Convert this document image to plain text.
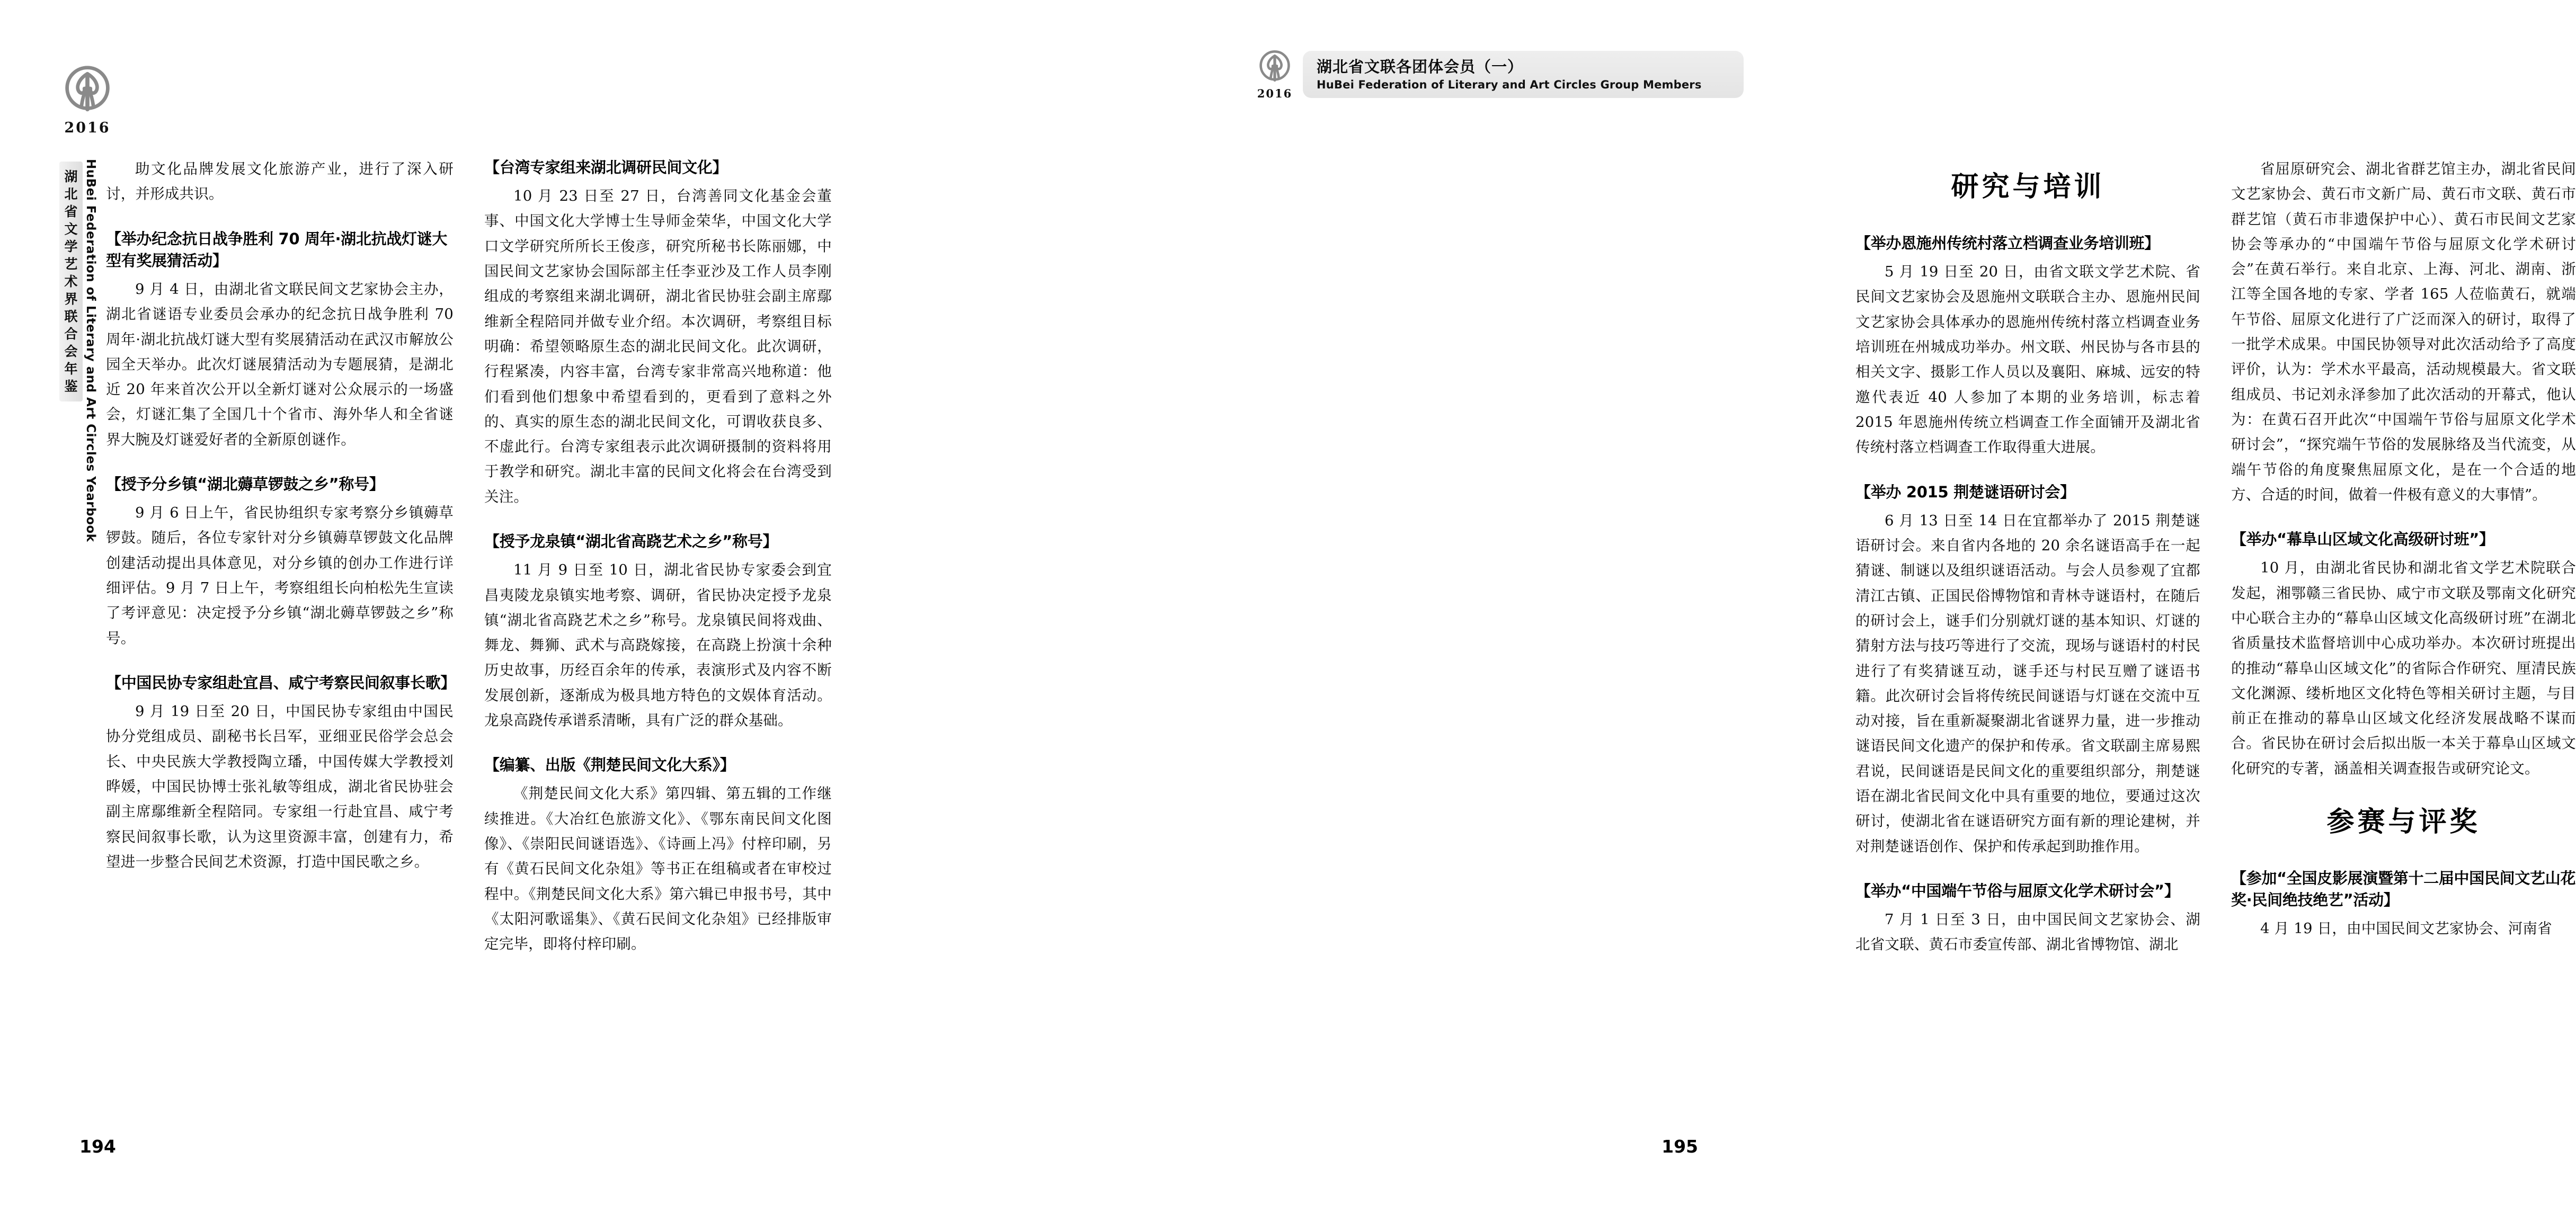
2016
湖
北
省
文
学
艺
术
界
联
合
会
年
鉴 HuBei Federation of Literary and Art Circles Yearbook	助文化品牌发展文化旅游产业，进行了深入研讨，并形成共识。
【举办纪念抗日战争胜利 70 周年·湖北抗战灯谜大型有奖展猜活动】
9 月 4 日，由湖北省文联民间文艺家协会主办，湖北省谜语专业委员会承办的纪念抗日战争胜利 70 周年·湖北抗战灯谜大型有奖展猜活动在武汉市解放公园全天举办。此次灯谜展猜活动为专题展猜，是湖北近 20 年来首次公开以全新灯谜对公众展示的一场盛会，灯谜汇集了全国几十个省市、海外华人和全省谜界大腕及灯谜爱好者的全新原创谜作。
【授予分乡镇“湖北薅草锣鼓之乡”称号】
9 月 6 日上午，省民协组织专家考察分乡镇薅草锣鼓。随后，各位专家针对分乡镇薅草锣鼓文化品牌创建活动提出具体意见，对分乡镇的创办工作进行详细评估。9 月 7 日上午，考察组组长向柏松先生宣读了考评意见：决定授予分乡镇“湖北薅草锣鼓之乡”称号。
【中国民协专家组赴宜昌、咸宁考察民间叙事长歌】
9 月 19 日至 20 日，中国民协专家组由中国民协分党组成员、副秘书长吕军，亚细亚民俗学会总会长、中央民族大学教授陶立璠，中国传媒大学教授刘晔媛，中国民协博士张礼敏等组成，湖北省民协驻会副主席鄢维新全程陪同。专家组一行赴宜昌、咸宁考察民间叙事长歌，认为这里资源丰富，创建有力，希望进一步整合民间艺术资源，打造中国民歌之乡。
【台湾专家组来湖北调研民间文化】
10 月 23 日至 27 日，台湾善同文化基金会董事、中国文化大学博士生导师金荣华，中国文化大学口文学研究所所长王俊彦，研究所秘书长陈丽娜，中国民间文艺家协会国际部主任李亚沙及工作人员李刚组成的考察组来湖北调研，湖北省民协驻会副主席鄢维新全程陪同并做专业介绍。本次调研，考察组目标明确：希望领略原生态的湖北民间文化。此次调研，行程紧凑，内容丰富，台湾专家非常高兴地称道：他们看到他们想象中希望看到的，更看到了意料之外的、真实的原生态的湖北民间文化，可谓收获良多、不虚此行。台湾专家组表示此次调研摄制的资料将用于教学和研究。湖北丰富的民间文化将会在台湾受到关注。
【授予龙泉镇“湖北省高跷艺术之乡”称号】
11 月 9 日至 10 日，湖北省民协专家委会到宜昌夷陵龙泉镇实地考察、调研，省民协决定授予龙泉镇“湖北省高跷艺术之乡”称号。龙泉镇民间将戏曲、舞龙、舞狮、武术与高跷嫁接，在高跷上扮演十余种历史故事，历经百余年的传承，表演形式及内容不断发展创新，逐渐成为极具地方特色的文娱体育活动。龙泉高跷传承谱系清晰，具有广泛的群众基础。
【编纂、出版《荆楚民间文化大系》】
《荆楚民间文化大系》第四辑、第五辑的工作继续推进。《大冶红色旅游文化》、《鄂东南民间文化图像》、《崇阳民间谜语选》、《诗画上冯》付梓印刷，另有《黄石民间文化杂俎》等书正在组稿或者在审校过程中。《荆楚民间文化大系》第六辑已申报书号，其中《太阳河歌谣集》、《黄石民间文化杂俎》已经排版审定完毕，即将付梓印刷。
194
2016
湖北省文联各团体会员（一）
HuBei Federation of Literary and Art Circles Group Members
研究与培训
【举办恩施州传统村落立档调查业务培训班】
5 月 19 日至 20 日，由省文联文学艺术院、省民间文艺家协会及恩施州文联联合主办、恩施州民间文艺家协会具体承办的恩施州传统村落立档调查业务培训班在州城成功举办。州文联、州民协与各市县的相关文字、摄影工作人员以及襄阳、麻城、远安的特邀代表近 40 人参加了本期的业务培训，标志着 2015 年恩施州传统立档调查工作全面铺开及湖北省传统村落立档调查工作取得重大进展。
【举办 2015 荆楚谜语研讨会】
6 月 13 日至 14 日在宜都举办了 2015 荆楚谜语研讨会。来自省内各地的 20 余名谜语高手在一起猜谜、制谜以及组织谜语活动。与会人员参观了宜都清江古镇、正国民俗博物馆和青林寺谜语村，在随后的研讨会上，谜手们分别就灯谜的基本知识、灯谜的猜射方法与技巧等进行了交流，现场与谜语村的村民进行了有奖猜谜互动，谜手还与村民互赠了谜语书籍。此次研讨会旨将传统民间谜语与灯谜在交流中互动对接，旨在重新凝聚湖北省谜界力量，进一步推动谜语民间文化遗产的保护和传承。省文联副主席易熙君说，民间谜语是民间文化的重要组织部分，荆楚谜语在湖北省民间文化中具有重要的地位，要通过这次研讨，使湖北省在谜语研究方面有新的理论建树，并对荆楚谜语创作、保护和传承起到助推作用。
【举办“中国端午节俗与屈原文化学术研讨会”】
7 月 1 日至 3 日，由中国民间文艺家协会、湖北省文联、黄石市委宣传部、湖北省博物馆、湖北
省屈原研究会、湖北省群艺馆主办，湖北省民间文艺家协会、黄石市文新广局、黄石市文联、黄石市群艺馆（黄石市非遗保护中心）、黄石市民间文艺家协会等承办的“中国端午节俗与屈原文化学术研讨会”在黄石举行。来自北京、上海、河北、湖南、浙江等全国各地的专家、学者 165 人莅临黄石，就端午节俗、屈原文化进行了广泛而深入的研讨，取得了一批学术成果。中国民协领导对此次活动给予了高度评价，认为：学术水平最高，活动规模最大。省文联组成员、书记刘永泽参加了此次活动的开幕式，他认为：在黄石召开此次“中国端午节俗与屈原文化学术研讨会”，“探究端午节俗的发展脉络及当代流变，从端午节俗的角度聚焦屈原文化，是在一个合适的地方、合适的时间，做着一件极有意义的大事情”。
【举办“幕阜山区域文化高级研讨班”】
10 月，由湖北省民协和湖北省文学艺术院联合发起，湘鄂赣三省民协、咸宁市文联及鄂南文化研究中心联合主办的“幕阜山区域文化高级研讨班”在湖北省质量技术监督培训中心成功举办。本次研讨班提出的推动“幕阜山区域文化”的省际合作研究、厘清民族文化渊源、缕析地区文化特色等相关研讨主题，与目前正在推动的幕阜山区域文化经济发展战略不谋而合。省民协在研讨会后拟出版一本关于幕阜山区域文化研究的专著，涵盖相关调查报告或研究论文。
参赛与评奖
【参加“全国皮影展演暨第十二届中国民间文艺山花奖·民间绝技绝艺”活动】
4 月 19 日，由中国民间文艺家协会、河南省
195
